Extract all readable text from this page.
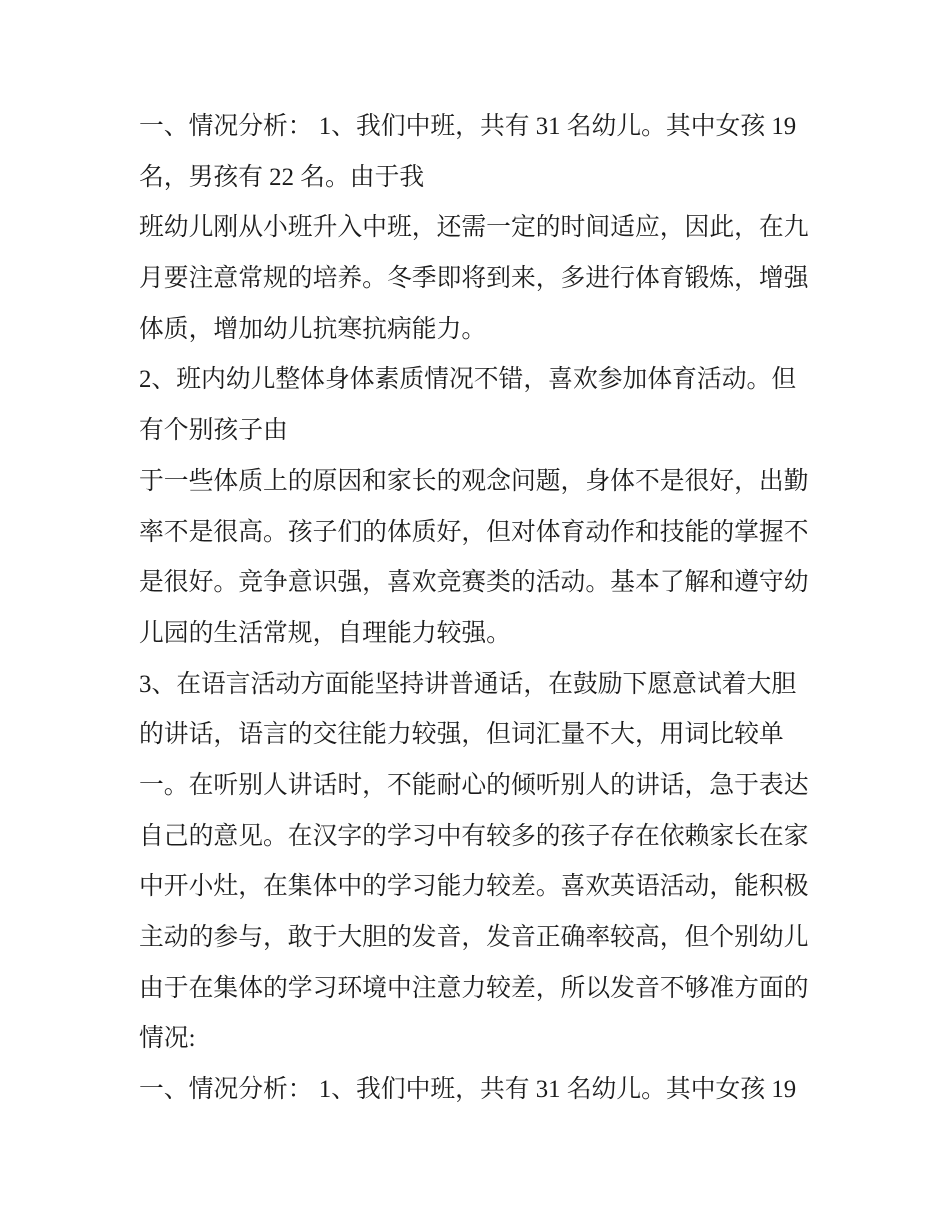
一、情况分析： 1、我们中班，共有 31 名幼儿。其中女孩 19
名，男孩有 22 名。由于我
班幼儿刚从小班升入中班，还需一定的时间适应，因此，在九
月要注意常规的培养。冬季即将到来，多进行体育锻炼，增强
体质，增加幼儿抗寒抗病能力。
2、班内幼儿整体身体素质情况不错，喜欢参加体育活动。但
有个别孩子由
于一些体质上的原因和家长的观念问题，身体不是很好，出勤
率不是很高。孩子们的体质好，但对体育动作和技能的掌握不
是很好。竞争意识强，喜欢竞赛类的活动。基本了解和遵守幼
儿园的生活常规，自理能力较强。
3、在语言活动方面能坚持讲普通话，在鼓励下愿意试着大胆
的讲话，语言的交往能力较强，但词汇量不大，用词比较单
一。在听别人讲话时，不能耐心的倾听别人的讲话，急于表达
自己的意见。在汉字的学习中有较多的孩子存在依赖家长在家
中开小灶，在集体中的学习能力较差。喜欢英语活动，能积极
主动的参与，敢于大胆的发音，发音正确率较高，但个别幼儿
由于在集体的学习环境中注意力较差，所以发音不够准方面的
情况:
一、情况分析： 1、我们中班，共有 31 名幼儿。其中女孩 19
